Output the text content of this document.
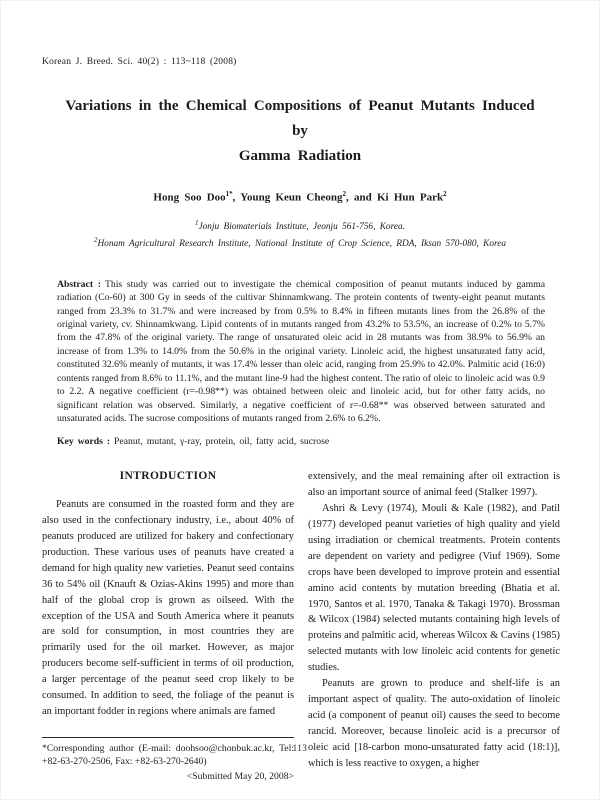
Korean J. Breed. Sci. 40(2) : 113~118 (2008)
Variations in the Chemical Compositions of Peanut Mutants Induced by
Gamma Radiation
Hong Soo Doo$^{1*}$, Young Keun Cheong$^2$, and Ki Hun Park$^2$
$^1$Jonju Biomaterials Institute, Jeonju 561-756, Korea.
$^2$Honam Agricultural Research Institute, National Institute of Crop Science, RDA, Iksan 570-080, Korea

Abstract : This study was carried out to investigate the chemical composition of peanut mutants induced by gamma radiation (Co-60) at 300 Gy in seeds of the cultivar Shinnamkwang. The protein contents of twenty-eight peanut mutants ranged from 23.3% to 31.7% and were increased by from 0.5% to 8.4% in fifteen mutants lines from the 26.8% of the original variety, cv. Shinnamkwang. Lipid contents of in mutants ranged from 43.2% to 53.5%, an increase of 0.2% to 5.7% from the 47.8% of the original variety. The range of unsaturated oleic acid in 28 mutants was from 38.9% to 56.9% an increase of from 1.3% to 14.0% from the 50.6% in the original variety. Linoleic acid, the highest unsaturated fatty acid, constituted 32.6% meanly of mutants, it was 17.4% lesser than oleic acid, ranging from 25.9% to 42.0%. Palmitic acid (16:0) contents ranged from 8.6% to 11.1%, and the mutant line-9 had the highest content. The ratio of oleic to linoleic acid was 0.9 to 2.2. A negative coefficient (r=-0.98**) was obtained between oleic and linoleic acid, but for other fatty acids, no significant relation was observed. Similarly, a negative coefficient of r=-0.68** was observed between saturated and unsaturated acids. The sucrose compositions of mutants ranged from 2.6% to 6.2%.

Key words : Peanut, mutant, γ-ray, protein, oil, fatty acid, sucrose

INTRODUCTION

Peanuts are consumed in the roasted form and they are also used in the confectionary industry, i.e., about 40% of peanuts produced are utilized for bakery and confectionary production. These various uses of peanuts have created a demand for high quality new varieties. Peanut seed contains 36 to 54% oil (Knauft & Ozias-Akins 1995) and more than half of the global crop is grown as oilseed. With the exception of the USA and South America where it peanuts are sold for consumption, in most countries they are primarily used for the oil market. However, as major producers become self-sufficient in terms of oil production, a larger percentage of the peanut seed crop likely to be consumed. In addition to seed, the foliage of the peanut is an important fodder in regions where animals are famed

*Corresponding author (E-mail: doohsoo@chonbuk.ac.kr, Tel: +82-63-270-2506, Fax: +82-63-270-2640)

<Submitted May 20, 2008>

extensively, and the meal remaining after oil extraction is also an important source of animal feed (Stalker 1997).

Ashri & Levy (1974), Mouli & Kale (1982), and Patil (1977) developed peanut varieties of high quality and yield using irradiation or chemical treatments. Protein contents are dependent on variety and pedigree (Viuf 1969). Some crops have been developed to improve protein and essential amino acid contents by mutation breeding (Bhatia et al. 1970, Santos et al. 1970, Tanaka & Takagi 1970). Brossman & Wilcox (1984) selected mutants containing high levels of proteins and palmitic acid, whereas Wilcox & Cavins (1985) selected mutants with low linoleic acid contents for genetic studies.

Peanuts are grown to produce and shelf-life is an important aspect of quality. The auto-oxidation of linoleic acid (a component of peanut oil) causes the seed to become rancid. Moreover, because linoleic acid is a precursor of oleic acid [18-carbon mono-unsaturated fatty acid (18:1)], which is less reactive to oxygen, a higher

113
